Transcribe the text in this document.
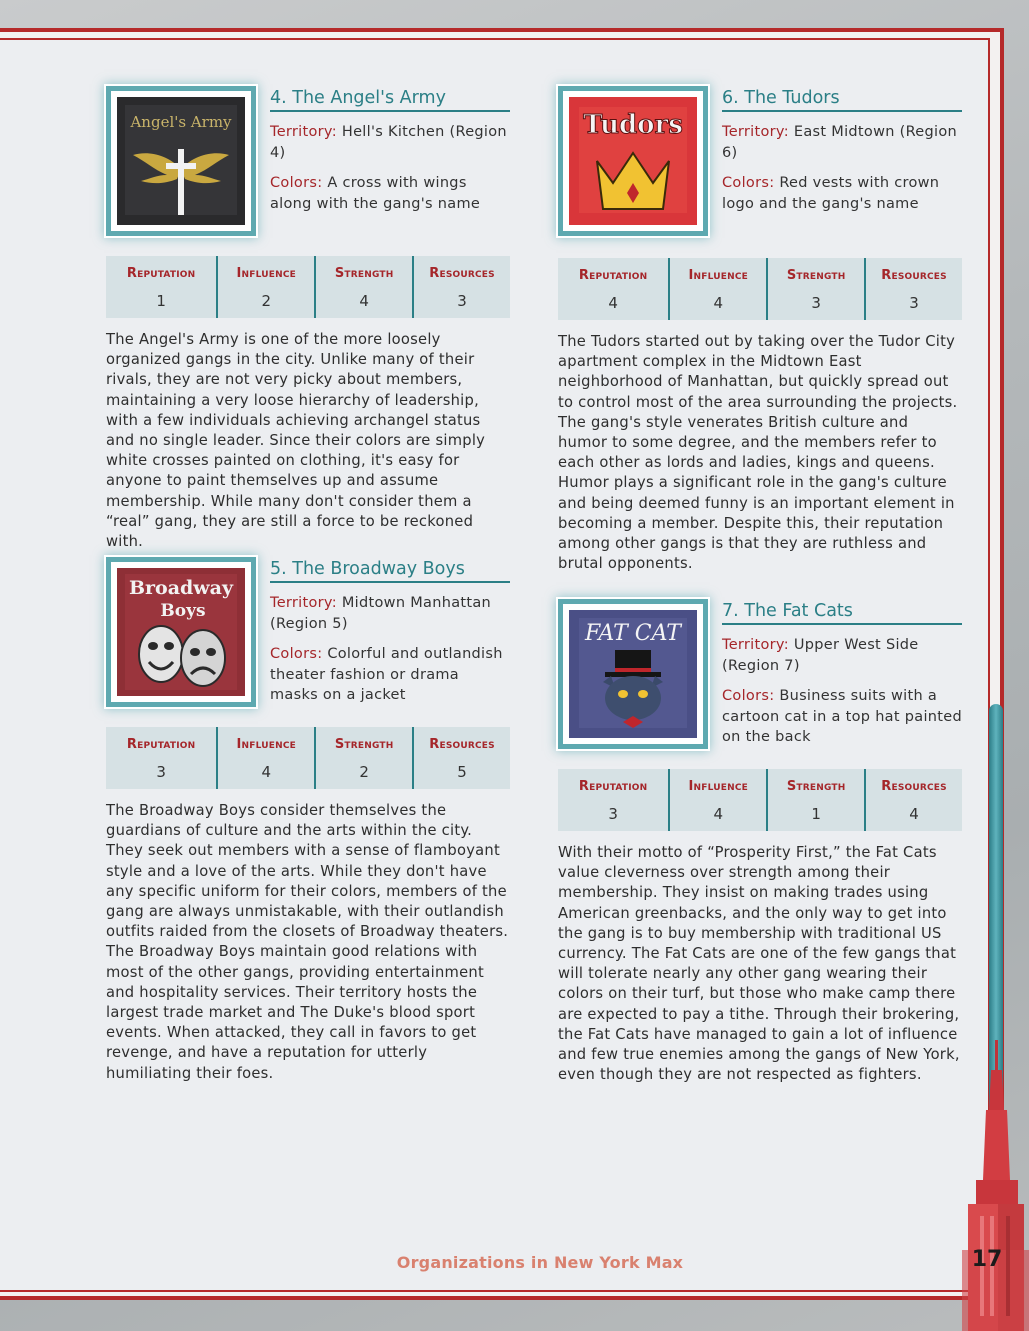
17
Organizations in New York Max
Angel's Army
4. The Angel's Army
Territory: Hell's Kitchen (Region 4)
Colors: A cross with wings along with the gang's name
Reputation
1
Influence
2
Strength
4
Resources
3
The Angel's Army is one of the more loosely organized gangs in the city. Unlike many of their rivals, they are not very picky about members, maintaining a very loose hierarchy of leadership, with a few individuals achieving archangel status and no single leader. Since their colors are simply white crosses painted on clothing, it's easy for anyone to paint themselves up and assume membership. While many don't consider them a “real” gang, they are still a force to be reckoned with.
Broadway
Boys
5. The Broadway Boys
Territory: Midtown Manhattan (Region 5)
Colors: Colorful and outlandish theater fashion or drama masks on a jacket
Reputation
3
Influence
4
Strength
2
Resources
5
The Broadway Boys consider themselves the guardians of culture and the arts within the city. They seek out members with a sense of flamboyant style and a love of the arts. While they don't have any specific uniform for their colors, members of the gang are always unmistakable, with their outlandish outfits raided from the closets of Broadway theaters. The Broadway Boys maintain good relations with most of the other gangs, providing entertainment and hospitality services. Their territory hosts the largest trade market and The Duke's blood sport events. When attacked, they call in favors to get revenge, and have a reputation for utterly humiliating their foes.
Tudors
6. The Tudors
Territory: East Midtown (Region 6)
Colors: Red vests with crown logo and the gang's name
Reputation
4
Influence
4
Strength
3
Resources
3
The Tudors started out by taking over the Tudor City apartment complex in the Midtown East neighborhood of Manhattan, but quickly spread out to control most of the area surrounding the projects. The gang's style venerates British culture and humor to some degree, and the members refer to each other as lords and ladies, kings and queens. Humor plays a significant role in the gang's culture and being deemed funny is an important element in becoming a member. Despite this, their reputation among other gangs is that they are ruthless and brutal opponents.
FAT CAT
7. The Fat Cats
Territory: Upper West Side (Region 7)
Colors: Business suits with a cartoon cat in a top hat painted on the back
Reputation
3
Influence
4
Strength
1
Resources
4
With their motto of “Prosperity First,” the Fat Cats value cleverness over strength among their membership. They insist on making trades using American greenbacks, and the only way to get into the gang is to buy membership with traditional US currency. The Fat Cats are one of the few gangs that will tolerate nearly any other gang wearing their colors on their turf, but those who make camp there are expected to pay a tithe. Through their brokering, the Fat Cats have managed to gain a lot of influence and few true enemies among the gangs of New York, even though they are not respected as fighters.
